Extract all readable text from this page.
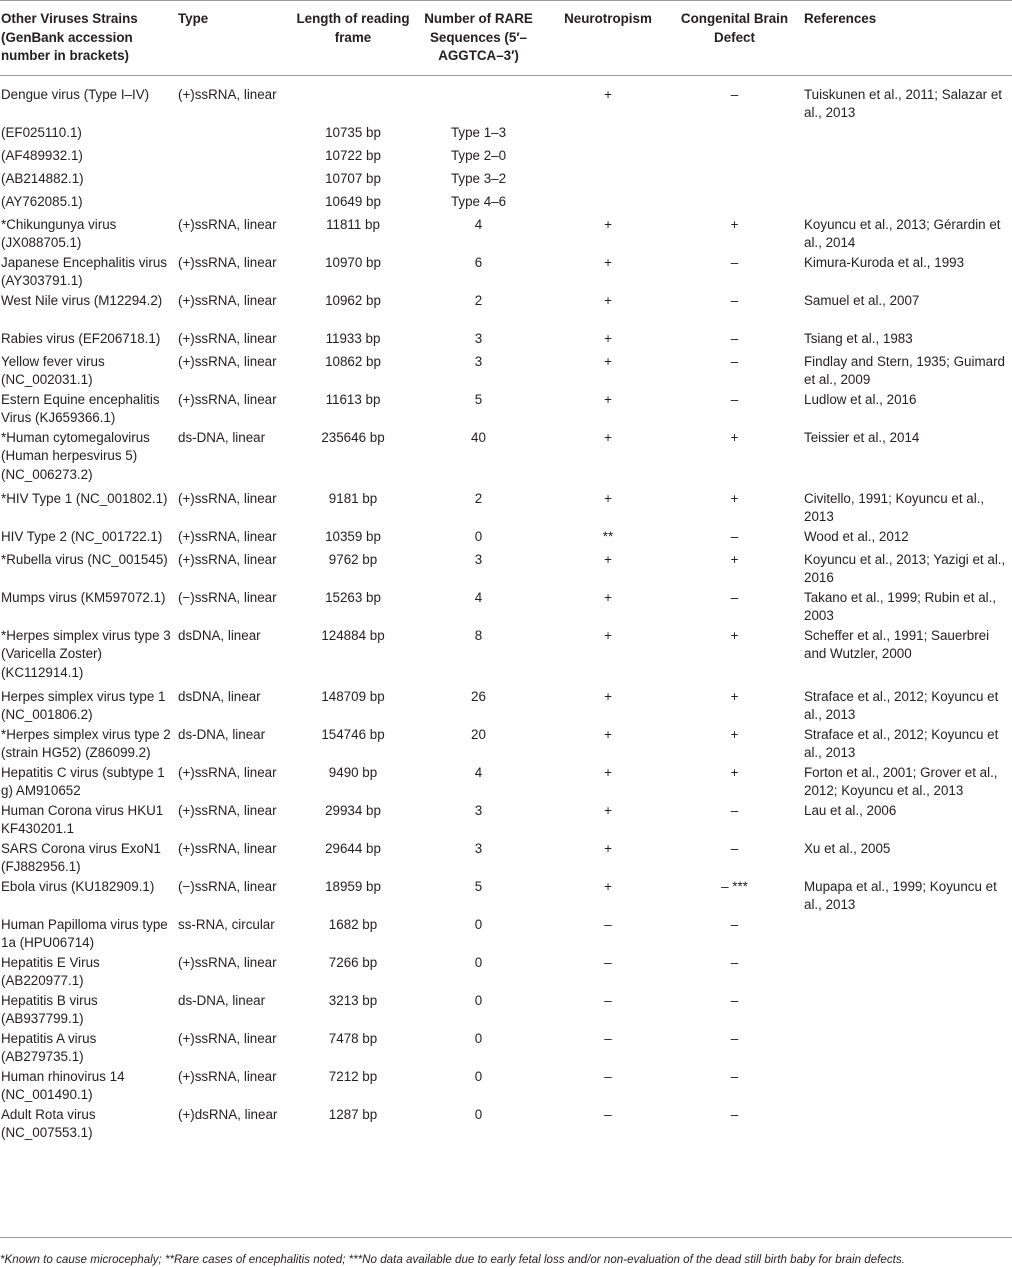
Other Viruses Strains (GenBank accession number in brackets)	Type	Length of reading frame	Number of RARE Sequences (5′–AGGTCA–3′)	Neurotropism	Congenital Brain Defect	References
Dengue virus (Type I–IV)	(+)ssRNA, linear			+	–	Tuiskunen et al., 2011; Salazar et al., 2013
(EF025110.1)		10735 bp	Type 1–3			
(AF489932.1)		10722 bp	Type 2–0			
(AB214882.1)		10707 bp	Type 3–2			
(AY762085.1)		10649 bp	Type 4–6			
*Chikungunya virus (JX088705.1)	(+)ssRNA, linear	11811 bp	4	+	+	Koyuncu et al., 2013; Gérardin et al., 2014
Japanese Encephalitis virus (AY303791.1)	(+)ssRNA, linear	10970 bp	6	+	–	Kimura-Kuroda et al., 1993
West Nile virus (M12294.2)	(+)ssRNA, linear	10962 bp	2	+	–	Samuel et al., 2007
Rabies virus (EF206718.1)	(+)ssRNA, linear	11933 bp	3	+	–	Tsiang et al., 1983
Yellow fever virus (NC_002031.1)	(+)ssRNA, linear	10862 bp	3	+	–	Findlay and Stern, 1935; Guimard et al., 2009
Estern Equine encephalitis Virus (KJ659366.1)	(+)ssRNA, linear	11613 bp	5	+	–	Ludlow et al., 2016
*Human cytomegalovirus (Human herpesvirus 5) (NC_006273.2)	ds-DNA, linear	235646 bp	40	+	+	Teissier et al., 2014
*HIV Type 1 (NC_001802.1)	(+)ssRNA, linear	9181 bp	2	+	+	Civitello, 1991; Koyuncu et al., 2013
HIV Type 2 (NC_001722.1)	(+)ssRNA, linear	10359 bp	0	**	–	Wood et al., 2012
*Rubella virus (NC_001545)	(+)ssRNA, linear	9762 bp	3	+	+	Koyuncu et al., 2013; Yazigi et al., 2016
Mumps virus (KM597072.1)	(−)ssRNA, linear	15263 bp	4	+	–	Takano et al., 1999; Rubin et al., 2003
*Herpes simplex virus type 3 (Varicella Zoster) (KC112914.1)	dsDNA, linear	124884 bp	8	+	+	Scheffer et al., 1991; Sauerbrei and Wutzler, 2000
Herpes simplex virus type 1 (NC_001806.2)	dsDNA, linear	148709 bp	26	+	+	Straface et al., 2012; Koyuncu et al., 2013
*Herpes simplex virus type 2 (strain HG52) (Z86099.2)	ds-DNA, linear	154746 bp	20	+	+	Straface et al., 2012; Koyuncu et al., 2013
Hepatitis C virus (subtype 1 g) AM910652	(+)ssRNA, linear	9490 bp	4	+	+	Forton et al., 2001; Grover et al., 2012; Koyuncu et al., 2013
Human Corona virus HKU1 KF430201.1	(+)ssRNA, linear	29934 bp	3	+	–	Lau et al., 2006
SARS Corona virus ExoN1 (FJ882956.1)	(+)ssRNA, linear	29644 bp	3	+	–	Xu et al., 2005
Ebola virus (KU182909.1)	(−)ssRNA, linear	18959 bp	5	+	– ***	Mupapa et al., 1999; Koyuncu et al., 2013
Human Papilloma virus type 1a (HPU06714)	ss-RNA, circular	1682 bp	0	–	–	
Hepatitis E Virus (AB220977.1)	(+)ssRNA, linear	7266 bp	0	–	–	
Hepatitis B virus (AB937799.1)	ds-DNA, linear	3213 bp	0	–	–	
Hepatitis A virus (AB279735.1)	(+)ssRNA, linear	7478 bp	0	–	–	
Human rhinovirus 14 (NC_001490.1)	(+)ssRNA, linear	7212 bp	0	–	–	
Adult Rota virus (NC_007553.1)	(+)dsRNA, linear	1287 bp	0	–	–	
*Known to cause microcephaly; **Rare cases of encephalitis noted; ***No data available due to early fetal loss and/or non-evaluation of the dead still birth baby for brain defects.
